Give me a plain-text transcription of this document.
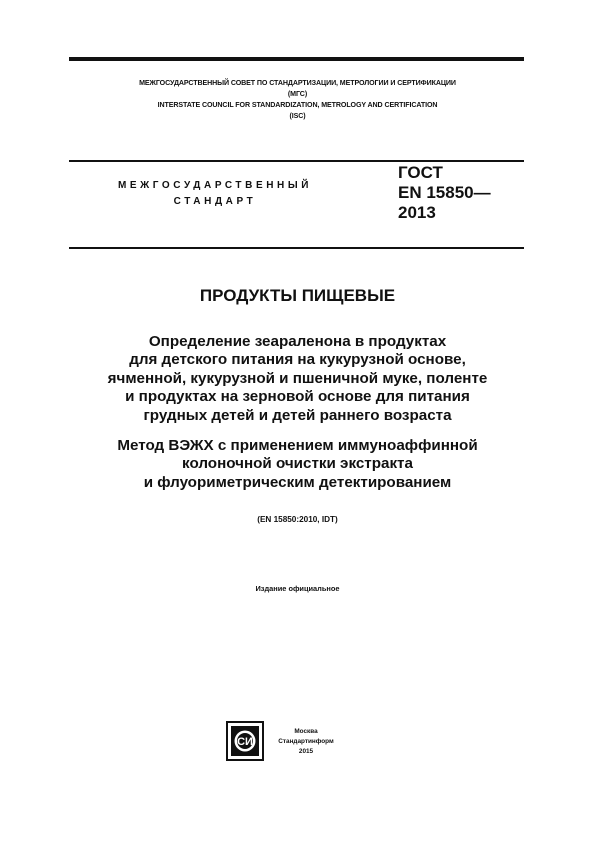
МЕЖГОСУДАРСТВЕННЫЙ СОВЕТ ПО СТАНДАРТИЗАЦИИ, МЕТРОЛОГИИ И СЕРТИФИКАЦИИ
(МГС)
INTERSTATE COUNCIL FOR STANDARDIZATION, METROLOGY AND CERTIFICATION
(ISC)
МЕЖГОСУДАРСТВЕННЫЙ
СТАНДАРТ
ГОСТ
EN 15850—
2013
ПРОДУКТЫ ПИЩЕВЫЕ
Определение зеараленона в продуктах
для детского питания на кукурузной основе,
ячменной, кукурузной и пшеничной муке, поленте
и продуктах на зерновой основе для питания
грудных детей и детей раннего возраста
Метод ВЭЖХ с применением иммуноаффинной
колоночной очистки экстракта
и флуориметрическим детектированием
(EN 15850:2010, IDT)
Издание официальное
СИ
Москва
Стандартинформ
2015
